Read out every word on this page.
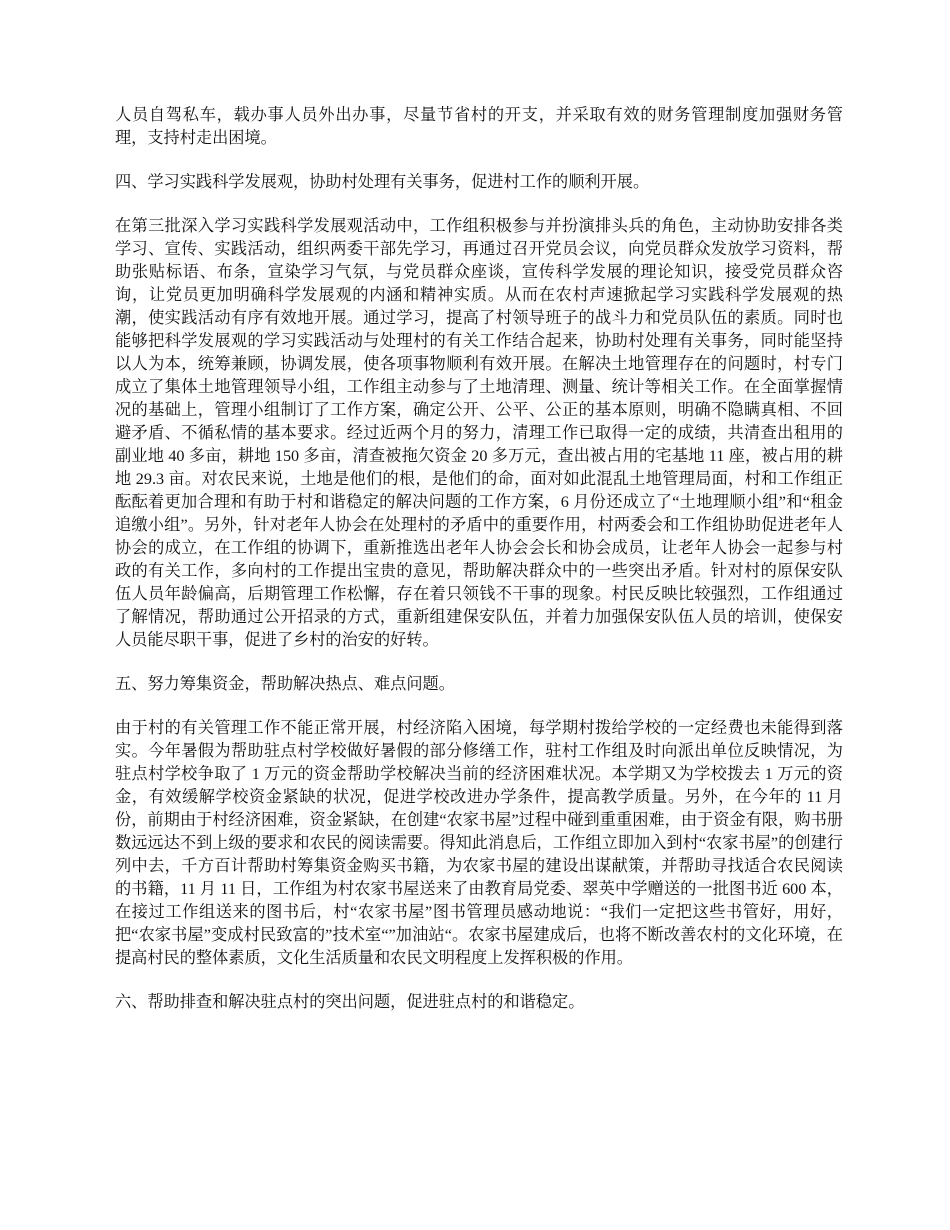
人员自驾私车，载办事人员外出办事，尽量节省村的开支，并采取有效的财务管理制度加强财务管理，支持村走出困境。

四、学习实践科学发展观，协助村处理有关事务，促进村工作的顺利开展。

在第三批深入学习实践科学发展观活动中，工作组积极参与并扮演排头兵的角色，主动协助安排各类学习、宣传、实践活动，组织两委干部先学习，再通过召开党员会议，向党员群众发放学习资料，帮助张贴标语、布条，宣染学习气氛，与党员群众座谈，宣传科学发展的理论知识，接受党员群众咨询，让党员更加明确科学发展观的内涵和精神实质。从而在农村声速掀起学习实践科学发展观的热潮，使实践活动有序有效地开展。通过学习，提高了村领导班子的战斗力和党员队伍的素质。同时也能够把科学发展观的学习实践活动与处理村的有关工作结合起来，协助村处理有关事务，同时能坚持以人为本，统筹兼顾，协调发展，使各项事物顺利有效开展。在解决土地管理存在的问题时，村专门成立了集体土地管理领导小组，工作组主动参与了土地清理、测量、统计等相关工作。在全面掌握情况的基础上，管理小组制订了工作方案，确定公开、公平、公正的基本原则，明确不隐瞒真相、不回避矛盾、不循私情的基本要求。经过近两个月的努力，清理工作已取得一定的成绩，共清查出租用的副业地 40 多亩，耕地 150 多亩，清查被拖欠资金 20 多万元，查出被占用的宅基地 11 座，被占用的耕地 29.3 亩。对农民来说，土地是他们的根，是他们的命，面对如此混乱土地管理局面，村和工作组正酝酝着更加合理和有助于村和谐稳定的解决问题的工作方案，6 月份还成立了“土地理顺小组”和“租金追缴小组”。另外，针对老年人协会在处理村的矛盾中的重要作用，村两委会和工作组协助促进老年人协会的成立，在工作组的协调下，重新推选出老年人协会会长和协会成员，让老年人协会一起参与村政的有关工作，多向村的工作提出宝贵的意见，帮助解决群众中的一些突出矛盾。针对村的原保安队伍人员年龄偏高，后期管理工作松懈，存在着只领钱不干事的现象。村民反映比较强烈，工作组通过了解情况，帮助通过公开招录的方式，重新组建保安队伍，并着力加强保安队伍人员的培训，使保安人员能尽职干事，促进了乡村的治安的好转。

五、努力筹集资金，帮助解决热点、难点问题。

由于村的有关管理工作不能正常开展，村经济陷入困境，每学期村拨给学校的一定经费也未能得到落实。今年暑假为帮助驻点村学校做好暑假的部分修缮工作，驻村工作组及时向派出单位反映情况，为驻点村学校争取了 1 万元的资金帮助学校解决当前的经济困难状况。本学期又为学校拨去 1 万元的资金，有效缓解学校资金紧缺的状况，促进学校改进办学条件，提高教学质量。另外，在今年的 11 月份，前期由于村经济困难，资金紧缺，在创建“农家书屋”过程中碰到重重困难，由于资金有限，购书册数远远达不到上级的要求和农民的阅读需要。得知此消息后，工作组立即加入到村“农家书屋”的创建行列中去，千方百计帮助村筹集资金购买书籍，为农家书屋的建设出谋献策，并帮助寻找适合农民阅读的书籍，11 月 11 日，工作组为村农家书屋送来了由教育局党委、翠英中学赠送的一批图书近 600 本，在接过工作组送来的图书后，村“农家书屋”图书管理员感动地说：“我们一定把这些书管好，用好，把“农家书屋”变成村民致富的”技术室“”加油站“。农家书屋建成后，也将不断改善农村的文化环境，在提高村民的整体素质，文化生活质量和农民文明程度上发挥积极的作用。

六、帮助排查和解决驻点村的突出问题，促进驻点村的和谐稳定。
